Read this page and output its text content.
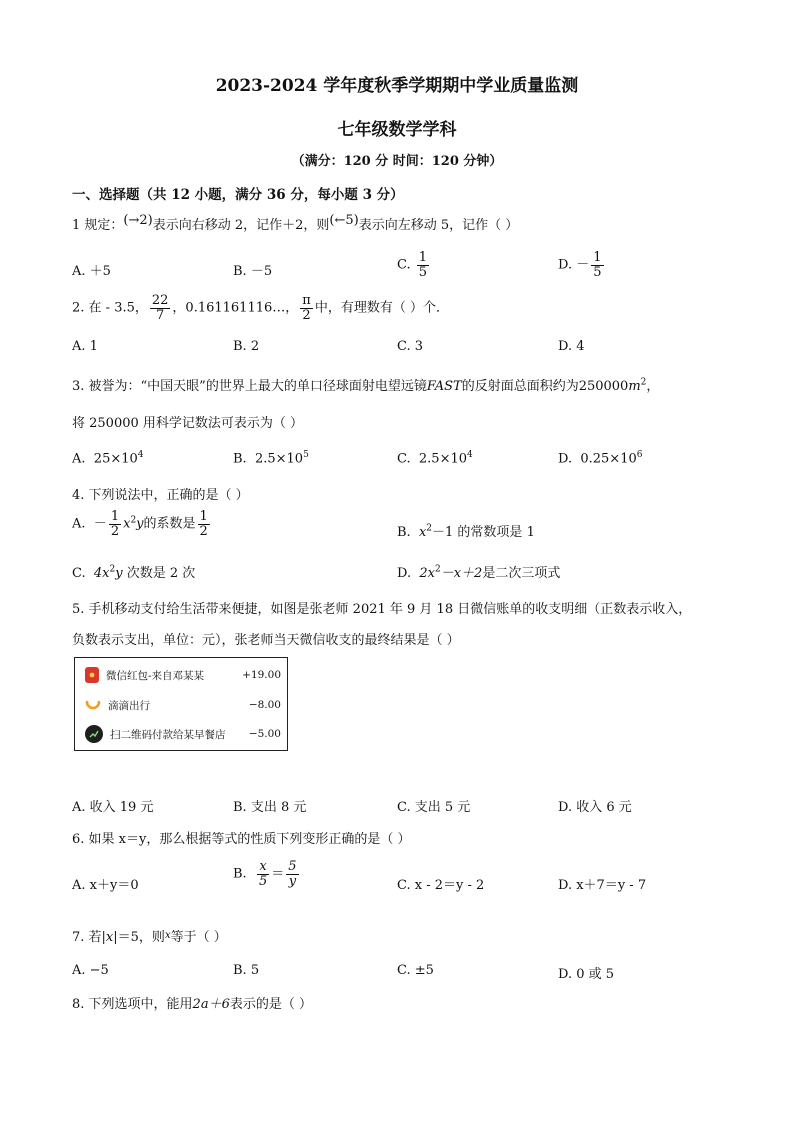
2023-2024 学年度秋季学期期中学业质量监测
七年级数学学科
（满分：120 分 时间：120 分钟）
一、选择题（共 12 小题，满分 36 分，每小题 3 分）
1 规定：(→2)表示向右移动 2，记作＋2，则(←5)表示向左移动 5，记作（ ）
A. ＋5	B. －5	C. $\frac{1}{5}$	D. － $\frac{1}{5}$
2. 在 - 3.5， $\frac{22}{7}$ ，0.161161116…， $\frac{\pi}{2}$ 中，有理数有（ ）个．
A. 1	B. 2	C. 3	D. 4
3. 被誉为：“中国天眼”的世界上最大的单口径球面射电望远镜FAST的反射面总面积约为$250000m^2$，
将 250000 用科学记数法可表示为（ ）
A. $25\times 10^4$	B. $2.5\times 10^5$	C. $2.5\times 10^4$	D. $0.25\times 10^6$
4. 下列说法中，正确的是（ ）
A. － $\frac{1}{2} x^2y$的系数是 $\frac{1}{2}$	B. $x^2-1$ 的常数项是 1
C. $4x^2y$ 次数是 2 次	D. $2x^2-x+2$是二次三项式
5. 手机移动支付给生活带来便捷，如图是张老师 2021 年 9 月 18 日微信账单的收支明细（正数表示收入，
负数表示支出，单位：元），张老师当天微信收支的最终结果是（ ）
微信红包-来自邓某某	+19.00
滴滴出行	−8.00
扫二维码付款给某早餐店	−5.00
A. 收入 19 元	B. 支出 8 元	C. 支出 5 元	D. 收入 6 元
6. 如果 x＝y，那么根据等式的性质下列变形正确的是（ ）
A. x＋y＝0
B. $\frac{x}{5} = \frac{5}{y}$	C. x - 2＝y - 2	D. x＋7＝y - 7
7. 若|x|＝5，则$^x$等于（ ）
A. −5	B. 5	C. ±5	D. 0 或 5
8. 下列选项中，能用2a＋6表示的是（ ）
